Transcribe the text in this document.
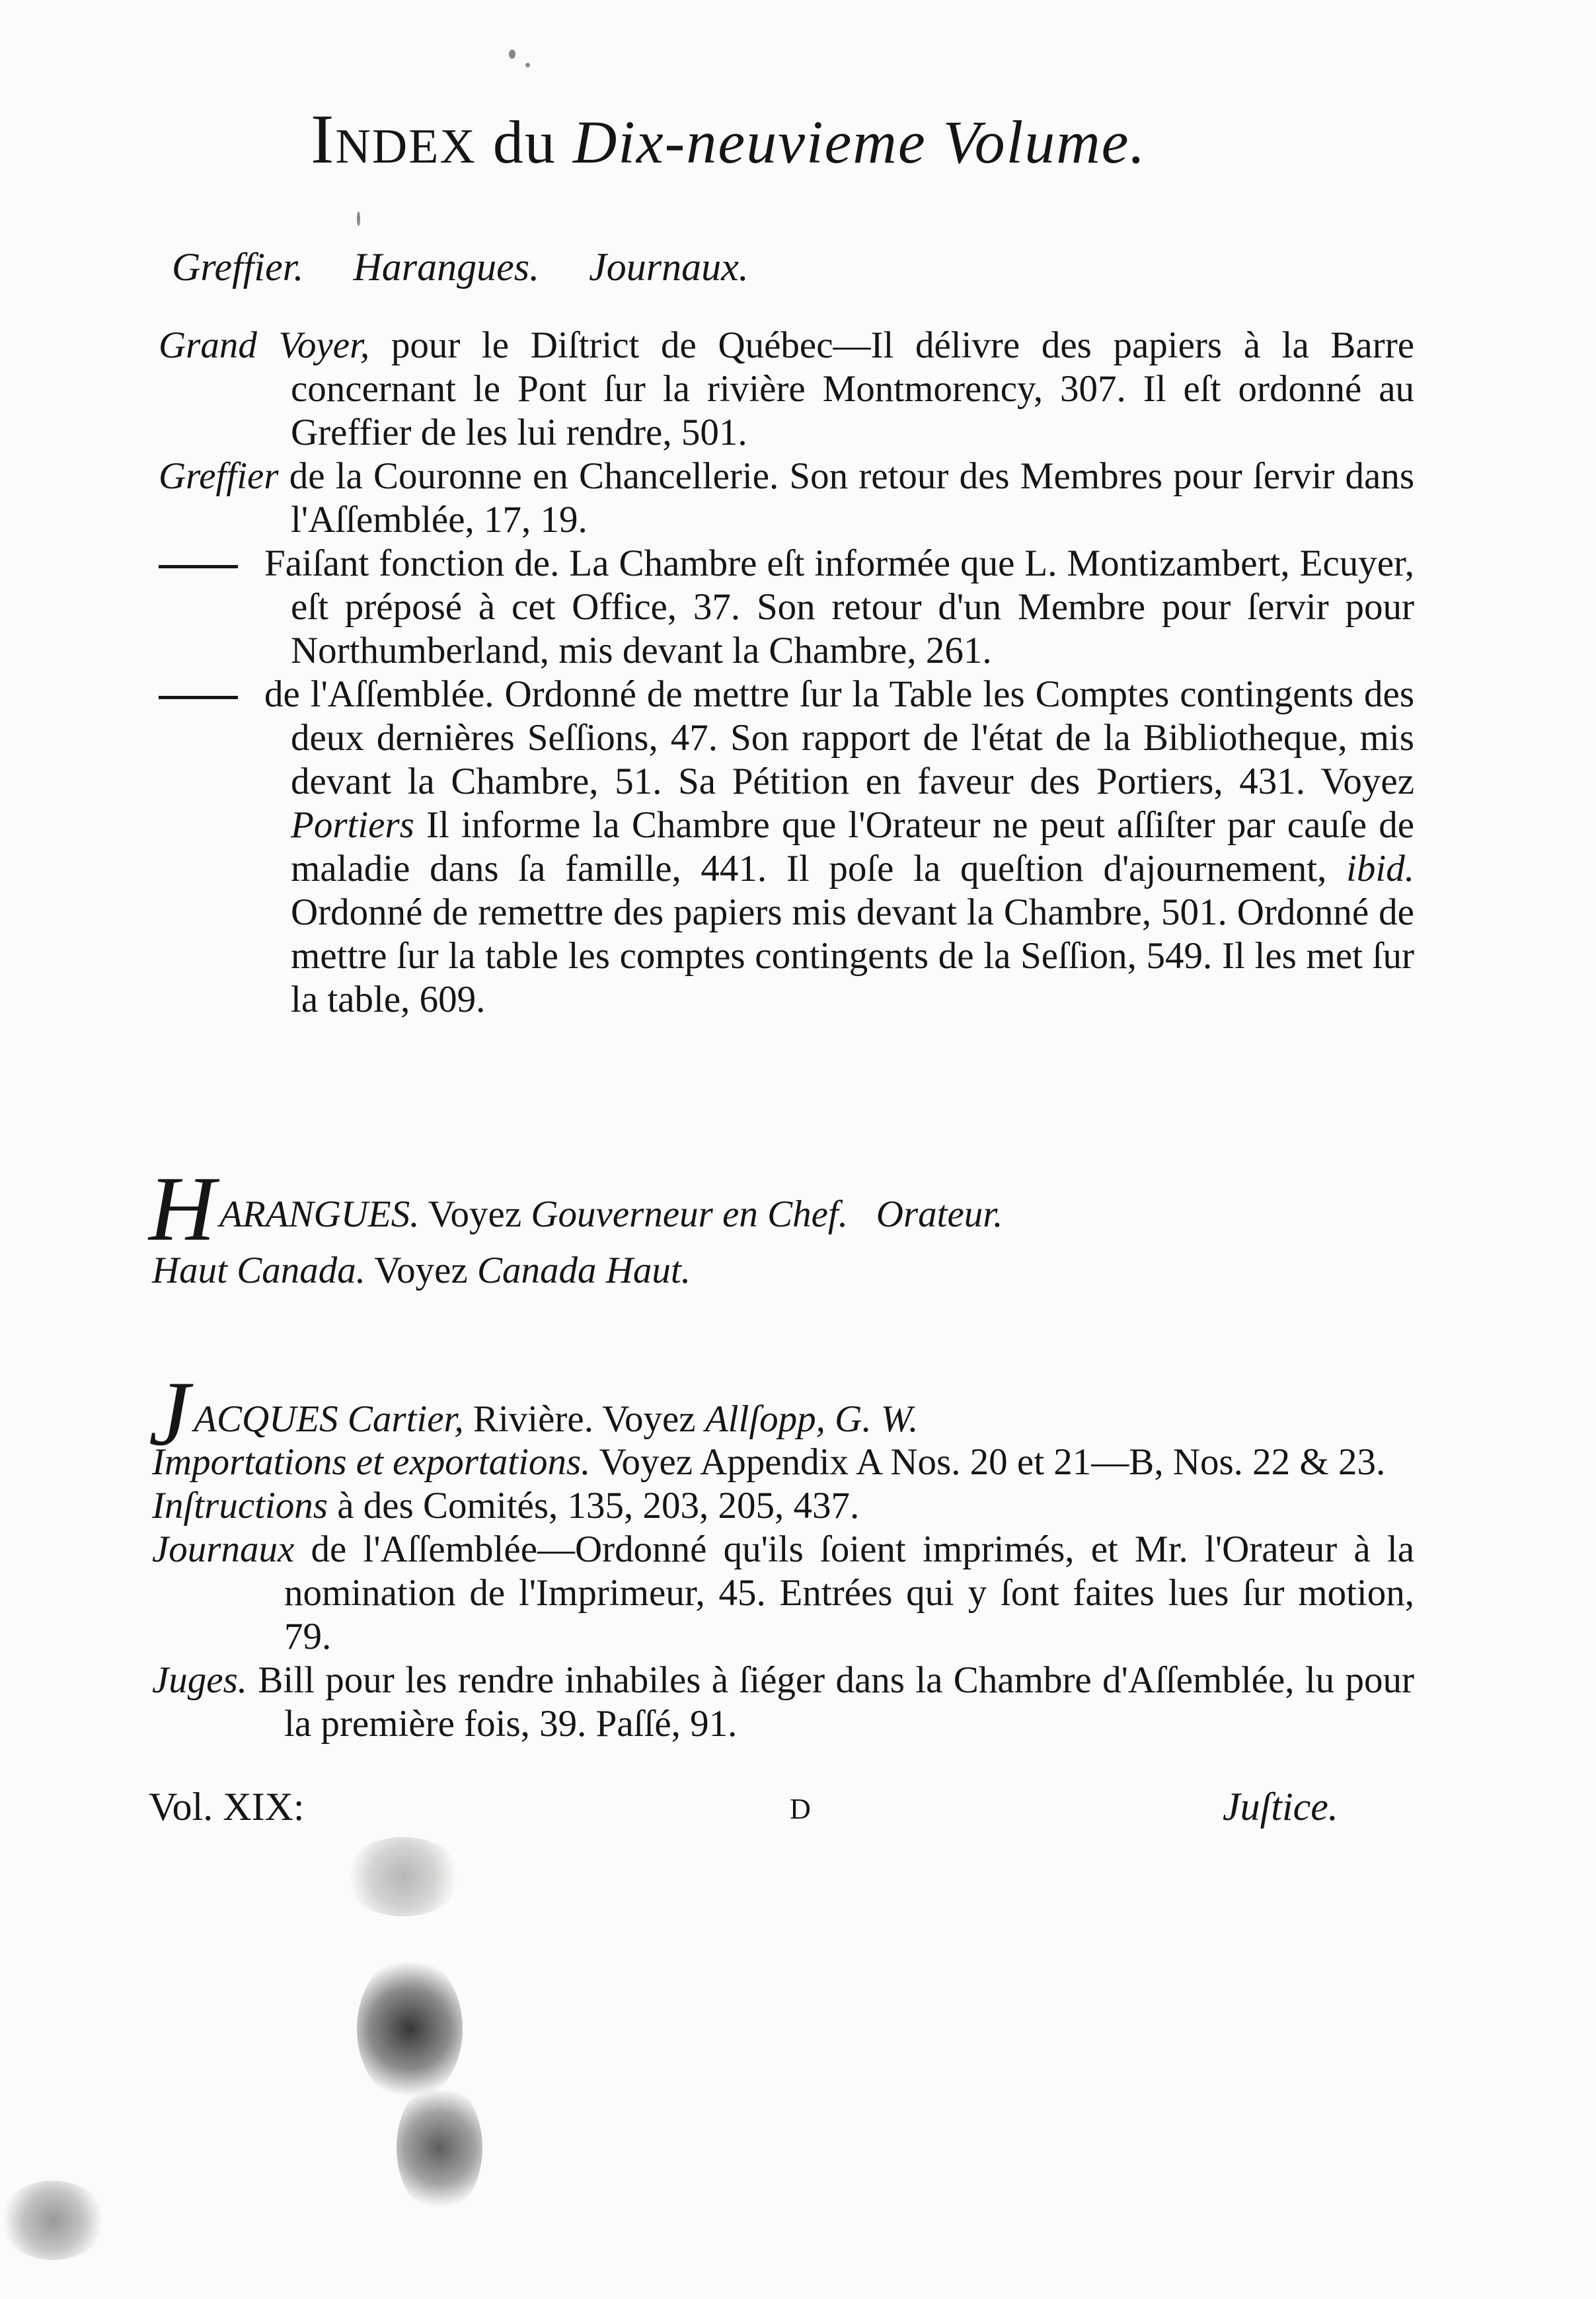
INDEX du Dix-neuvieme Volume.
Greffier. Harangues. Journaux.

Grand Voyer, pour le Diſtrict de Québec—Il délivre des papiers à la Barre concernant le Pont ſur la rivière Montmorency, 307. Il eſt ordonné au Greffier de les lui rendre, 501.

Greffier de la Couronne en Chancellerie. Son retour des Membres pour ſervir dans l'Aſſemblée, 17, 19.

Faiſant fonction de. La Chambre eſt informée que L. Montizambert, Ecuyer, eſt préposé à cet Office, 37. Son retour d'un Membre pour ſervir pour Northumberland, mis devant la Chambre, 261.

de l'Aſſemblée. Ordonné de mettre ſur la Table les Comptes contingents des deux dernières Seſſions, 47. Son rapport de l'état de la Bibliotheque, mis devant la Chambre, 51. Sa Pétition en faveur des Portiers, 431. Voyez Portiers Il informe la Chambre que l'Orateur ne peut aſſiſter par cauſe de maladie dans ſa famille, 441. Il poſe la queſtion d'ajournement, ibid. Ordonné de remettre des papiers mis devant la Chambre, 501. Ordonné de mettre ſur la table les comptes contingents de la Seſſion, 549. Il les met ſur la table, 609.

HARANGUES. Voyez Gouverneur en Chef. Orateur.
Haut Canada. Voyez Canada Haut.
JACQUES Cartier, Rivière. Voyez Allſopp, G. W.

Importations et exportations. Voyez Appendix A Nos. 20 et 21—B, Nos. 22 & 23.

Inſtructions à des Comités, 135, 203, 205, 437.

Journaux de l'Aſſemblée—Ordonné qu'ils ſoient imprimés, et Mr. l'Orateur à la nomination de l'Imprimeur, 45. Entrées qui y ſont faites lues ſur motion, 79.

Juges. Bill pour les rendre inhabiles à ſiéger dans la Chambre d'Aſſemblée, lu pour la première fois, 39. Paſſé, 91.

Vol. XIX:	D	Juſtice.
